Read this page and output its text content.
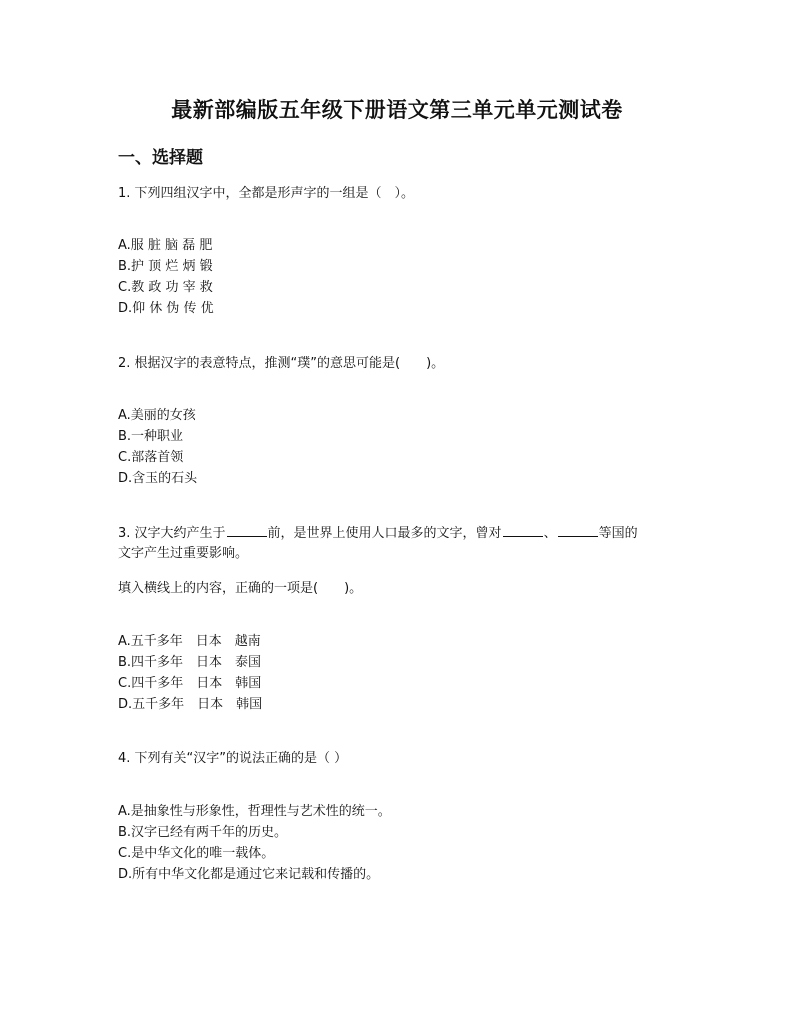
最新部编版五年级下册语文第三单元单元测试卷
一、选择题
1. 下列四组汉字中，全都是形声字的一组是（　）。
A.服 脏 脑 磊 肥
B.护 顶 烂 炳 锻
C.教 政 功 宰 救
D.仰 休 伪 传 优
2. 根据汉字的表意特点，推测“璞”的意思可能是(　　)。
A.美丽的女孩
B.一种职业
C.部落首领
D.含玉的石头
3. 汉字大约产生于	前，是世界上使用人口最多的文字，曾对	、	等国的
文字产生过重要影响。
填入横线上的内容，正确的一项是(　　)。
A.五千多年　日本　越南
B.四千多年　日本　泰国
C.四千多年　日本　韩国
D.五千多年　日本　韩国
4. 下列有关“汉字”的说法正确的是（ ）
A.是抽象性与形象性，哲理性与艺术性的统一。
B.汉字已经有两千年的历史。
C.是中华文化的唯一载体。
D.所有中华文化都是通过它来记载和传播的。
